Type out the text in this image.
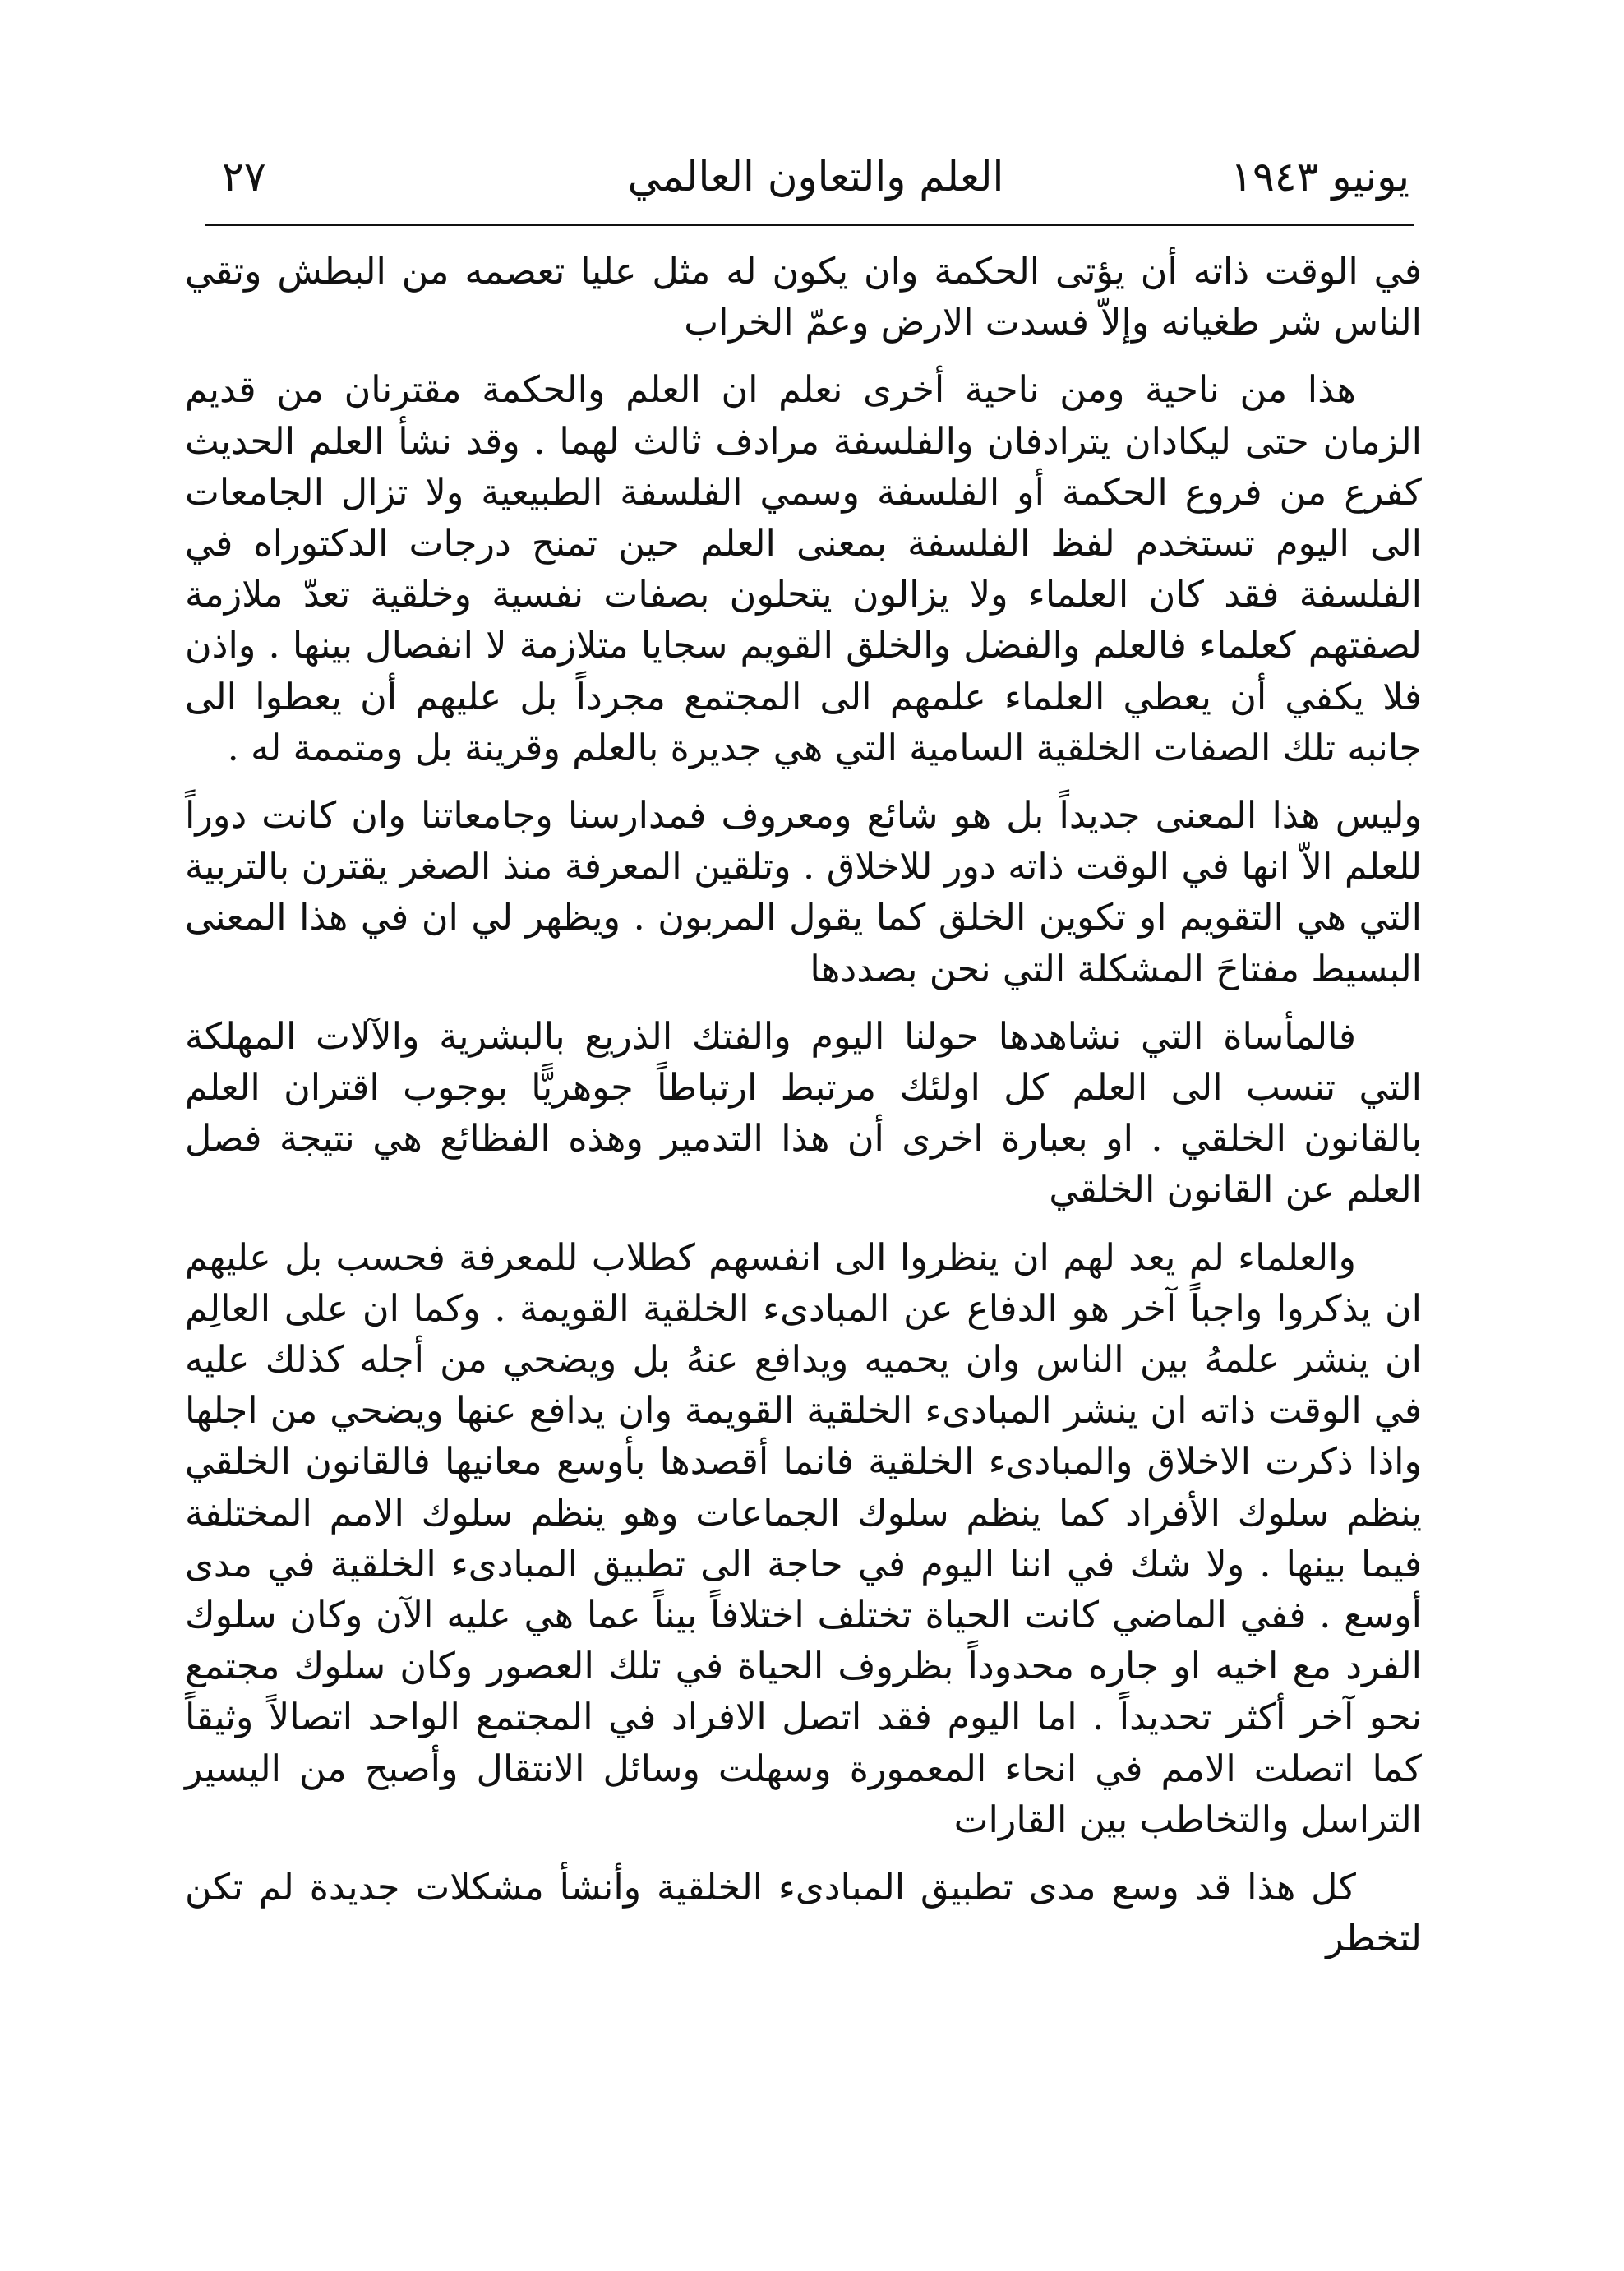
يونيو ١٩٤٣
العلم والتعاون العالمي
٢٧

في الوقت ذاته أن يؤتى الحكمة وان يكون له مثل عليا تعصمه من البطش وتقي الناس شر طغيانه وإلاّ فسدت الارض وعمّ الخراب

هذا من ناحية ومن ناحية أخرى نعلم ان العلم والحكمة مقترنان من قديم الزمان حتى ليكادان يترادفان والفلسفة مرادف ثالث لهما . وقد نشأ العلم الحديث كفرع من فروع الحكمة أو الفلسفة وسمي الفلسفة الطبيعية ولا تزال الجامعات الى اليوم تستخدم لفظ الفلسفة بمعنى العلم حين تمنح درجات الدكتوراه في الفلسفة فقد كان العلماء ولا يزالون يتحلون بصفات نفسية وخلقية تعدّ ملازمة لصفتهم كعلماء فالعلم والفضل والخلق القويم سجايا متلازمة لا انفصال بينها . واذن فلا يكفي أن يعطي العلماء علمهم الى المجتمع مجرداً بل عليهم أن يعطوا الى جانبه تلك الصفات الخلقية السامية التي هي جديرة بالعلم وقرينة بل ومتممة له .

وليس هذا المعنى جديداً بل هو شائع ومعروف فمدارسنا وجامعاتنا وان كانت دوراً للعلم الاّ انها في الوقت ذاته دور للاخلاق . وتلقين المعرفة منذ الصغر يقترن بالتربية التي هي التقويم او تكوين الخلق كما يقول المربون . ويظهر لي ان في هذا المعنى البسيط مفتاحَ المشكلة التي نحن بصددها

فالمأساة التي نشاهدها حولنا اليوم والفتك الذريع بالبشرية والآلات المهلكة التي تنسب الى العلم كل اولئك مرتبط ارتباطاً جوهريًّا بوجوب اقتران العلم بالقانون الخلقي . او بعبارة اخرى أن هذا التدمير وهذه الفظائع هي نتيجة فصل العلم عن القانون الخلقي

والعلماء لم يعد لهم ان ينظروا الى انفسهم كطلاب للمعرفة فحسب بل عليهم ان يذكروا واجباً آخر هو الدفاع عن المبادىء الخلقية القويمة . وكما ان على العالِم ان ينشر علمهُ بين الناس وان يحميه ويدافع عنهُ بل ويضحي من أجله كذلك عليه في الوقت ذاته ان ينشر المبادىء الخلقية القويمة وان يدافع عنها ويضحي من اجلها واذا ذكرت الاخلاق والمبادىء الخلقية فانما أقصدها بأوسع معانيها فالقانون الخلقي ينظم سلوك الأفراد كما ينظم سلوك الجماعات وهو ينظم سلوك الامم المختلفة فيما بينها . ولا شك في اننا اليوم في حاجة الى تطبيق المبادىء الخلقية في مدى أوسع . ففي الماضي كانت الحياة تختلف اختلافاً بيناً عما هي عليه الآن وكان سلوك الفرد مع اخيه او جاره محدوداً بظروف الحياة في تلك العصور وكان سلوك مجتمع نحو آخر أكثر تحديداً . اما اليوم فقد اتصل الافراد في المجتمع الواحد اتصالاً وثيقاً كما اتصلت الامم في انحاء المعمورة وسهلت وسائل الانتقال وأصبح من اليسير التراسل والتخاطب بين القارات

كل هذا قد وسع مدى تطبيق المبادىء الخلقية وأنشأ مشكلات جديدة لم تكن لتخطر
